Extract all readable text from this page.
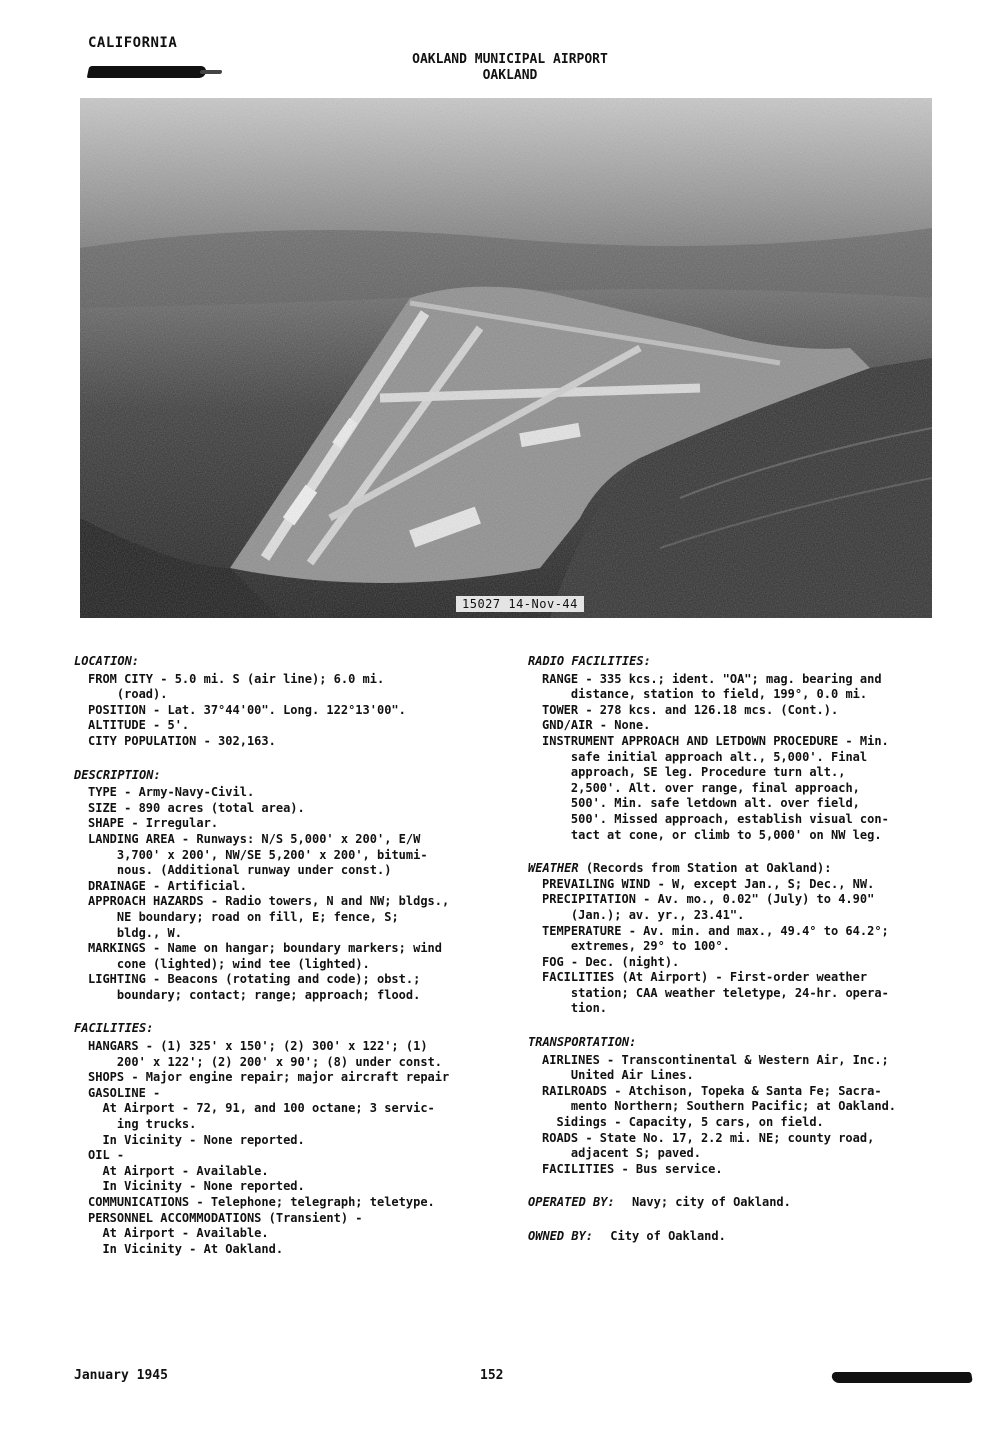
CALIFORNIA
OAKLAND MUNICIPAL AIRPORT
OAKLAND
15027 14-Nov-44
LOCATION:
FROM CITY - 5.0 mi. S (air line); 6.0 mi.
(road).
POSITION - Lat. 37°44'00". Long. 122°13'00".
ALTITUDE - 5'.
CITY POPULATION - 302,163.
DESCRIPTION:
TYPE - Army-Navy-Civil.
SIZE - 890 acres (total area).
SHAPE - Irregular.
LANDING AREA - Runways: N/S 5,000' x 200', E/W
3,700' x 200', NW/SE 5,200' x 200', bitumi-
nous. (Additional runway under const.)
DRAINAGE - Artificial.
APPROACH HAZARDS - Radio towers, N and NW; bldgs.,
NE boundary; road on fill, E; fence, S;
bldg., W.
MARKINGS - Name on hangar; boundary markers; wind
cone (lighted); wind tee (lighted).
LIGHTING - Beacons (rotating and code); obst.;
boundary; contact; range; approach; flood.
FACILITIES:
HANGARS - (1) 325' x 150'; (2) 300' x 122'; (1)
200' x 122'; (2) 200' x 90'; (8) under const.
SHOPS - Major engine repair; major aircraft repair
GASOLINE -
At Airport - 72, 91, and 100 octane; 3 servic-
ing trucks.
In Vicinity - None reported.
OIL -
At Airport - Available.
In Vicinity - None reported.
COMMUNICATIONS - Telephone; telegraph; teletype.
PERSONNEL ACCOMMODATIONS (Transient) -
At Airport - Available.
In Vicinity - At Oakland.
RADIO FACILITIES:
RANGE - 335 kcs.; ident. "OA"; mag. bearing and
distance, station to field, 199°, 0.0 mi.
TOWER - 278 kcs. and 126.18 mcs. (Cont.).
GND/AIR - None.
INSTRUMENT APPROACH AND LETDOWN PROCEDURE - Min.
safe initial approach alt., 5,000'. Final
approach, SE leg. Procedure turn alt.,
2,500'. Alt. over range, final approach,
500'. Min. safe letdown alt. over field,
500'. Missed approach, establish visual con-
tact at cone, or climb to 5,000' on NW leg.
WEATHER (Records from Station at Oakland):
PREVAILING WIND - W, except Jan., S; Dec., NW.
PRECIPITATION - Av. mo., 0.02" (July) to 4.90"
(Jan.); av. yr., 23.41".
TEMPERATURE - Av. min. and max., 49.4° to 64.2°;
extremes, 29° to 100°.
FOG - Dec. (night).
FACILITIES (At Airport) - First-order weather
station; CAA weather teletype, 24-hr. opera-
tion.
TRANSPORTATION:
AIRLINES - Transcontinental & Western Air, Inc.;
United Air Lines.
RAILROADS - Atchison, Topeka & Santa Fe; Sacra-
mento Northern; Southern Pacific; at Oakland.
Sidings - Capacity, 5 cars, on field.
ROADS - State No. 17, 2.2 mi. NE; county road,
adjacent S; paved.
FACILITIES - Bus service.
OPERATED BY: Navy; city of Oakland.
OWNED BY: City of Oakland.
January 1945	152
